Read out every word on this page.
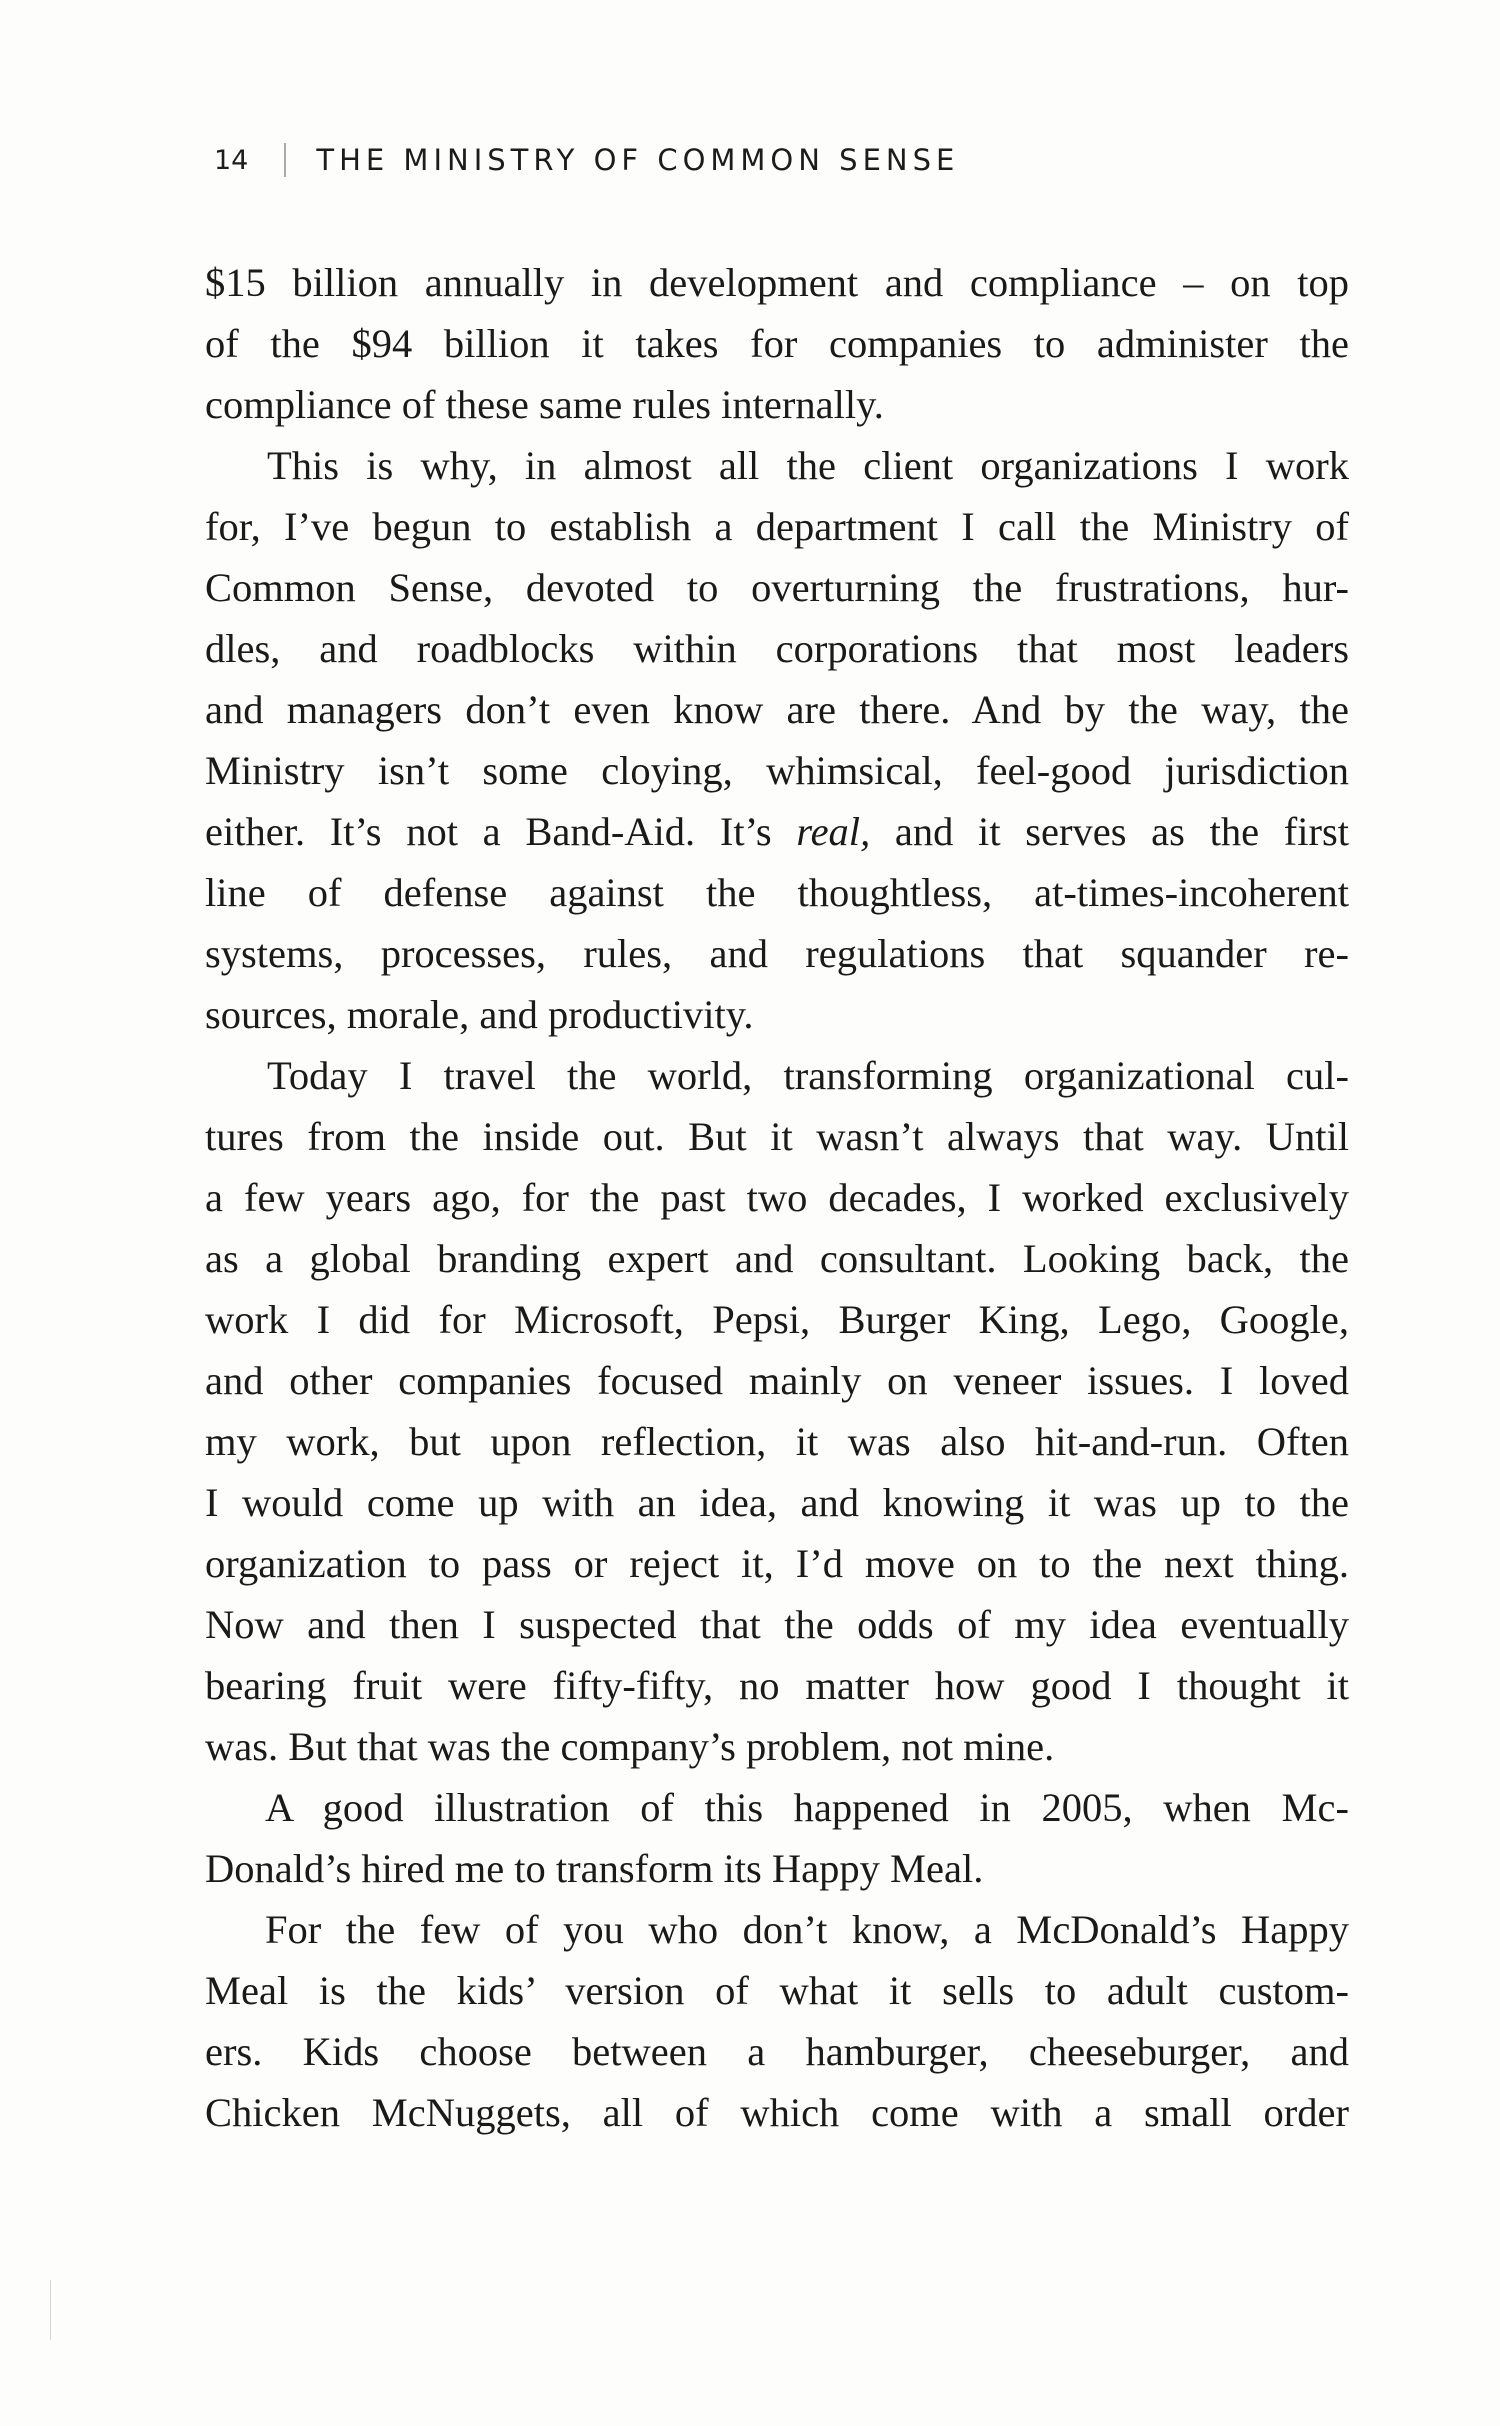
14 THE MINISTRY OF COMMON SENSE
$15 billion annually in development and compliance – on top
of the $94 billion it takes for companies to administer the
compliance of these same rules internally.
This is why, in almost all the client organizations I work
for, I’ve begun to establish a department I call the Ministry of
Common Sense, devoted to overturning the frustrations, hur-
dles, and roadblocks within corporations that most leaders
and managers don’t even know are there. And by the way, the
Ministry isn’t some cloying, whimsical, feel-good jurisdiction
either. It’s not a Band-Aid. It’s real, and it serves as the first
line of defense against the thoughtless, at-times-incoherent
systems, processes, rules, and regulations that squander re-
sources, morale, and productivity.
Today I travel the world, transforming organizational cul-
tures from the inside out. But it wasn’t always that way. Until
a few years ago, for the past two decades, I worked exclusively
as a global branding expert and consultant. Looking back, the
work I did for Microsoft, Pepsi, Burger King, Lego, Google,
and other companies focused mainly on veneer issues. I loved
my work, but upon reflection, it was also hit-and-run. Often
I would come up with an idea, and knowing it was up to the
organization to pass or reject it, I’d move on to the next thing.
Now and then I suspected that the odds of my idea eventually
bearing fruit were fifty-fifty, no matter how good I thought it
was. But that was the company’s problem, not mine.
A good illustration of this happened in 2005, when Mc-
Donald’s hired me to transform its Happy Meal.
For the few of you who don’t know, a McDonald’s Happy
Meal is the kids’ version of what it sells to adult custom-
ers. Kids choose between a hamburger, cheeseburger, and
Chicken McNuggets, all of which come with a small order
